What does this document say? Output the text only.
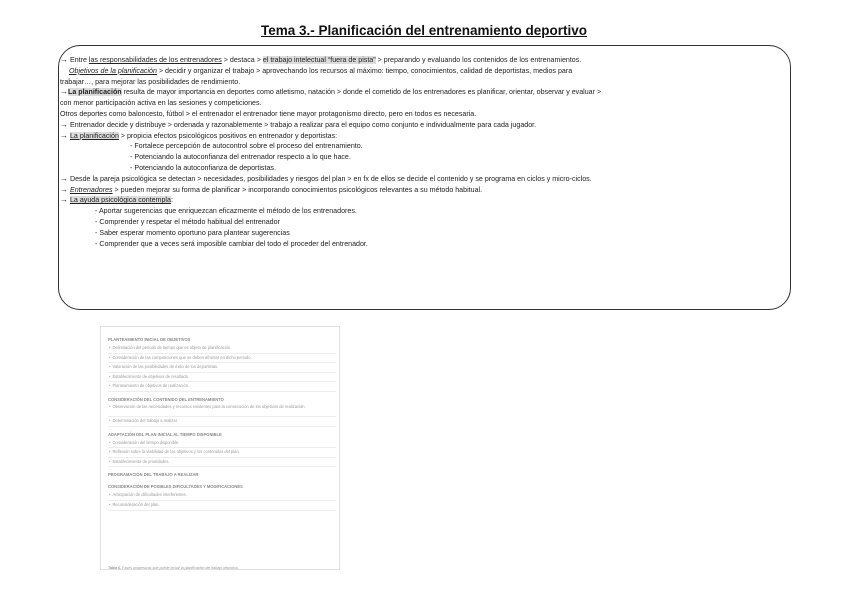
Tema 3.- Planificación del entrenamiento deportivo
→ Entre las responsabilidades de los entrenadores > destaca > el trabajo intelectual “fuera de pista” > preparando y evaluando los contenidos de los entrenamientos.
Objetivos de la planificación > decidir y organizar el trabajo > aprovechando los recursos al máximo: tiempo, conocimientos, calidad de deportistas, medios para
trabajar…, para mejorar las posibilidades de rendimiento.
→La planificación resulta de mayor importancia en deportes como atletismo, natación > donde el cometido de los entrenadores es planificar, orientar, observar y evaluar >
con menor participación activa en las sesiones y competiciones.
Otros deportes como baloncesto, fútbol > el entrenador el entrenador tiene mayor protagonismo directo, pero en todos es necesaria.
→ Entrenador decide y distribuye > ordenada y razonablemente > trabajo a realizar para el equipo como conjunto e individualmente para cada jugador.
→ La planificación > propicia efectos psicológicos positivos en entrenador y deportistas:
- Fortalece percepción de autocontrol sobre el proceso del entrenamiento.
- Potenciando la autoconfianza del entrenador respecto a lo que hace.
- Potenciando la autoconfianza de deportistas.
→ Desde la pareja psicológica se detectan > necesidades, posibilidades y riesgos del plan > en fx de ellos se decide el contenido y se programa en ciclos y micro-ciclos.
→ Entrenadores > pueden mejorar su forma de planificar > incorporando conocimientos psicológicos relevantes a su método habitual.
→ La ayuda psicológica contempla:
- Aportar sugerencias que enriquezcan eficazmente el método de los entrenadores.
- Comprender y respetar el método habitual del entrenador
- Saber esperar momento oportuno para plantear sugerencias
- Comprender que a veces será imposible cambiar del todo el proceder del entrenador.
PLANTEAMIENTO INICIAL DE OBJETIVOS
• Delimitación del periodo de tiempo que es objeto de planificación.
• Consideración de las competiciones que se deben afrontar en dicho periodo.
• Valoración de las posibilidades de éxito de los deportistas.
• Establecimiento de objetivos de resultado.
• Planteamiento de objetivos de realización.
CONSIDERACIÓN DEL CONTENIDO DEL ENTRENAMIENTO
• Observación de las necesidades y recursos existentes para la consecución de los objetivos de realización.
• Determinación del trabajo a realizar.
ADAPTACIÓN DEL PLAN INICIAL AL TIEMPO DISPONIBLE
• Consideración del tiempo disponible.
• Reflexión sobre la viabilidad de los objetivos y los contenidos del plan.
• Establecimiento de prioridades.
PROGRAMACIÓN DEL TRABAJO A REALIZAR
CONSIDERACIÓN DE POSIBLES DIFICULTADES Y MODIFICACIONES
• Anticipación de dificultades interferentes.
• Reconsideración del plan.
Tabla 6. Fases progresivas que puede incluir la planificación del trabajo deportivo.
